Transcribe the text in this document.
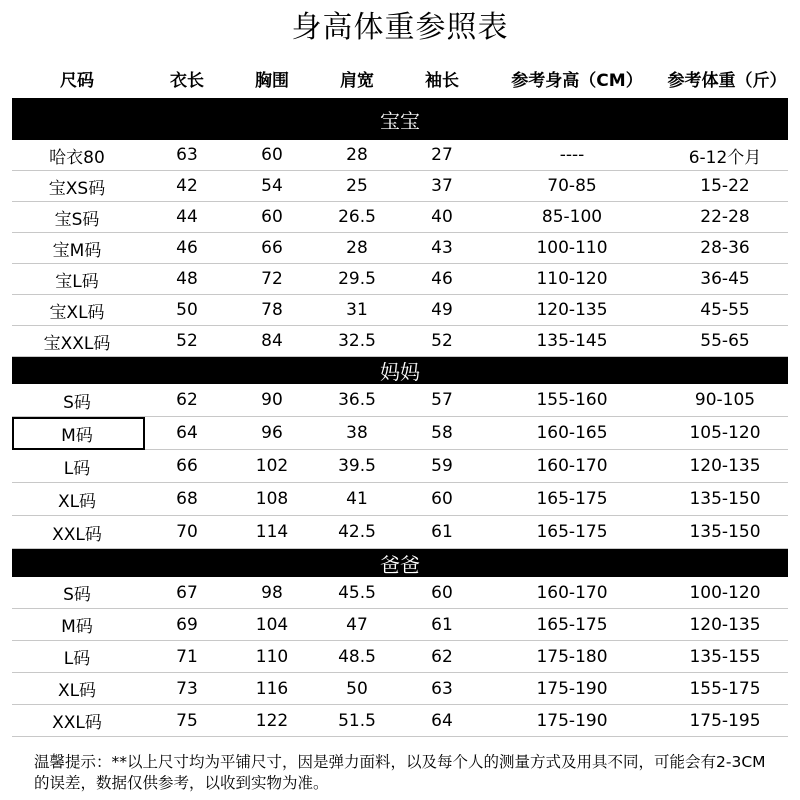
身高体重参照表
尺码	衣长	胸围	肩宽	袖长	参考身高（CM）	参考体重（斤）
宝宝
哈衣80	63	60	28	27	----	6-12个月
宝XS码	42	54	25	37	70-85	15-22
宝S码	44	60	26.5	40	85-100	22-28
宝M码	46	66	28	43	100-110	28-36
宝L码	48	72	29.5	46	110-120	36-45
宝XL码	50	78	31	49	120-135	45-55
宝XXL码	52	84	32.5	52	135-145	55-65
妈妈
S码	62	90	36.5	57	155-160	90-105
M码	64	96	38	58	160-165	105-120
L码	66	102	39.5	59	160-170	120-135
XL码	68	108	41	60	165-175	135-150
XXL码	70	114	42.5	61	165-175	135-150
爸爸
S码	67	98	45.5	60	160-170	100-120
M码	69	104	47	61	165-175	120-135
L码	71	110	48.5	62	175-180	135-155
XL码	73	116	50	63	175-190	155-175
XXL码	75	122	51.5	64	175-190	175-195
温馨提示：**以上尺寸均为平铺尺寸，因是弹力面料，以及每个人的测量方式及用具不同，可能会有2-3CM的误差，数据仅供参考，以收到实物为准。
